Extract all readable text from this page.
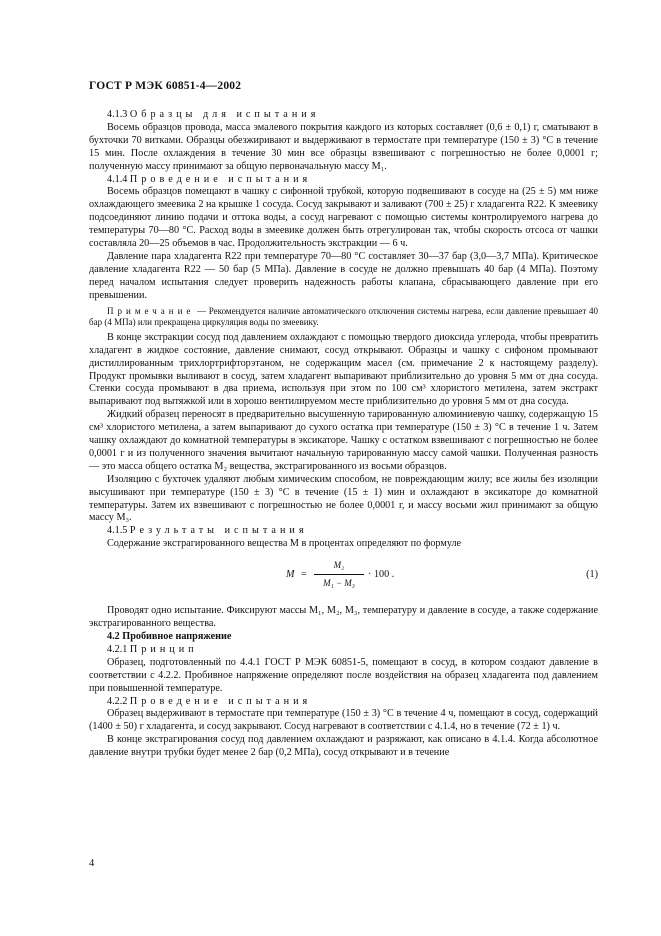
ГОСТ Р МЭК 60851-4—2002

4.1.3 Образцы для испытания

Восемь образцов провода, масса эмалевого покрытия каждого из которых составляет (0,6 ± 0,1) г, сматывают в бухточки 70 витками. Образцы обезжиривают и выдерживают в термостате при температуре (150 ± 3) °С в течение 15 мин. После охлаждения в течение 30 мин все образцы взвешивают с погрешностью не более 0,0001 г; полученную массу принимают за общую первоначальную массу M₁.

4.1.4 Проведение испытания

Восемь образцов помещают в чашку с сифонной трубкой, которую подвешивают в сосуде на (25 ± 5) мм ниже охлаждающего змеевика 2 на крышке 1 сосуда. Сосуд закрывают и заливают (700 ± 25) г хладагента R22. К змеевику подсоединяют линию подачи и оттока воды, а сосуд нагревают с помощью системы контролируемого нагрева до температуры 70—80 °С. Расход воды в змеевике должен быть отрегулирован так, чтобы скорость отсоса от чашки составляла 20—25 объемов в час. Продолжительность экстракции — 6 ч.

Давление пара хладагента R22 при температуре 70—80 °С составляет 30—37 бар (3,0—3,7 МПа). Критическое давление хладагента R22 — 50 бар (5 МПа). Давление в сосуде не должно превышать 40 бар (4 МПа). Поэтому перед началом испытания следует проверить надежность работы клапана, сбрасывающего давление при его превышении.

Примечание — Рекомендуется наличие автоматического отключения системы нагрева, если давление превышает 40 бар (4 МПа) или прекращена циркуляция воды по змеевику.

В конце экстракции сосуд под давлением охлаждают с помощью твердого диоксида углерода, чтобы превратить хладагент в жидкое состояние, давление снимают, сосуд открывают. Образцы и чашку с сифоном промывают дистиллированным трихлортрифторэтаном, не содержащим масел (см. примечание 2 к настоящему разделу). Продукт промывки выливают в сосуд, затем хладагент выпаривают приблизительно до уровня 5 мм от дна сосуда. Стенки сосуда промывают в два приема, используя при этом по 100 см³ хлористого метилена, затем экстракт выпаривают под вытяжкой или в хорошо вентилируемом месте приблизительно до уровня 5 мм от дна сосуда.

Жидкий образец переносят в предварительно высушенную тарированную алюминиевую чашку, содержащую 15 см³ хлористого метилена, а затем выпаривают до сухого остатка при температуре (150 ± 3) °С в течение 1 ч. Затем чашку охлаждают до комнатной температуры в эксикаторе. Чашку с остатком взвешивают с погрешностью не более 0,0001 г и из полученного значения вычитают начальную тарированную массу самой чашки. Полученная разность — это масса общего остатка M₂ вещества, экстрагированного из восьми образцов.

Изоляцию с бухточек удаляют любым химическим способом, не повреждающим жилу; все жилы без изоляции высушивают при температуре (150 ± 3) °С в течение (15 ± 1) мин и охлаждают в эксикаторе до комнатной температуры. Затем их взвешивают с погрешностью не более 0,0001 г, и массу восьми жил принимают за общую массу M₃.

4.1.5 Результаты испытания

Содержание экстрагированного вещества M в процентах определяют по формуле

$M = \frac{\text{M₂}}{\text{M₁ − M₃}} \cdot 100$ .	(1)

Проводят одно испытание. Фиксируют массы M₁, M₂, M₃, температуру и давление в сосуде, а также содержание экстрагированного вещества.

4.2 Пробивное напряжение

4.2.1 Принцип

Образец, подготовленный по 4.4.1 ГОСТ Р МЭК 60851-5, помещают в сосуд, в котором создают давление в соответствии с 4.2.2. Пробивное напряжение определяют после воздействия на образец хладагента под давлением при повышенной температуре.

4.2.2 Проведение испытания

Образец выдерживают в термостате при температуре (150 ± 3) °С в течение 4 ч, помещают в сосуд, содержащий (1400 ± 50) г хладагента, и сосуд закрывают. Сосуд нагревают в соответствии с 4.1.4, но в течение (72 ± 1) ч.

В конце экстрагирования сосуд под давлением охлаждают и разряжают, как описано в 4.1.4. Когда абсолютное давление внутри трубки будет менее 2 бар (0,2 МПа), сосуд открывают и в течение

4
